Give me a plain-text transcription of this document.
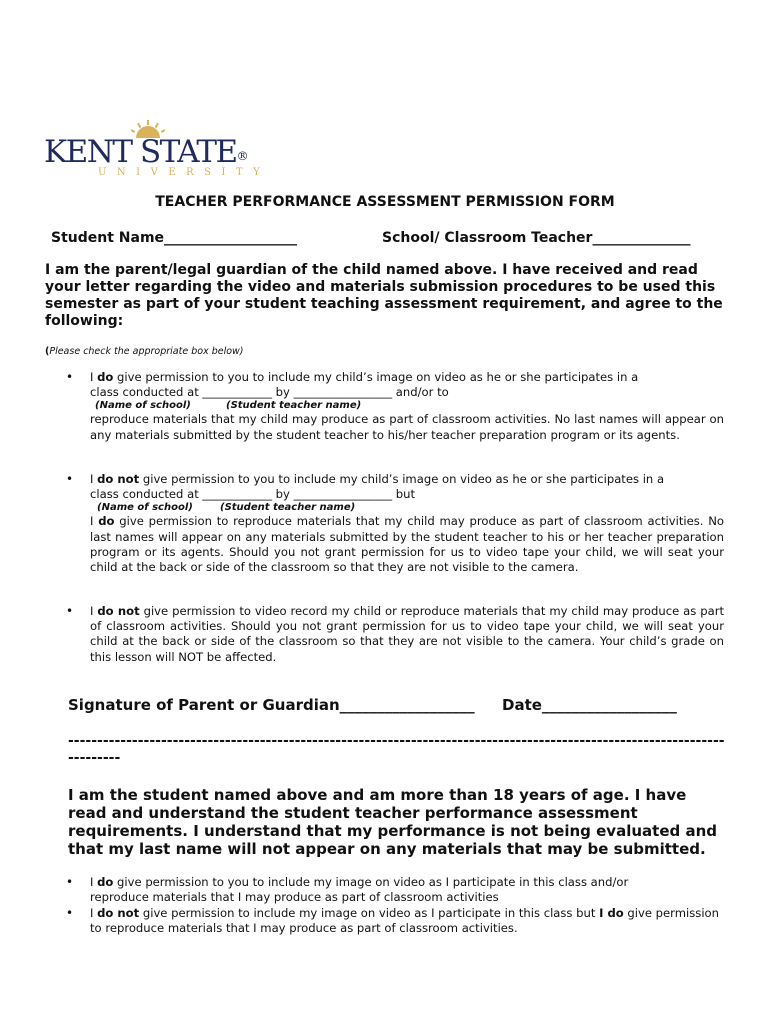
KENT STATE®
UNIVERSITY
TEACHER PERFORMANCE ASSESSMENT PERMISSION FORM
Student Name___________________	School/ Classroom Teacher______________
I am the parent/legal guardian of the child named above. I have received and read your letter regarding the video and materials submission procedures to be used this semester as part of your student teaching assessment requirement, and agree to the following:
(Please check the appropriate box below)
• I do give permission to you to include my child’s image on video as he or she participates in a
class conducted at ____________ by _________________ and/or to
(Name of school)	(Student teacher name)
reproduce materials that my child may produce as part of classroom activities. No last names will appear on any materials submitted by the student teacher to his/her teacher preparation program or its agents.
• I do not give permission to you to include my child’s image on video as he or she participates in a
class conducted at ____________ by _________________ but
(Name of school)	(Student teacher name)
I do give permission to reproduce materials that my child may produce as part of classroom activities. No last names will appear on any materials submitted by the student teacher to his or her teacher preparation program or its agents. Should you not grant permission for us to video tape your child, we will seat your child at the back or side of the classroom so that they are not visible to the camera.
• I do not give permission to video record my child or reproduce materials that my child may produce as part of classroom activities. Should you not grant permission for us to video tape your child, we will seat your child at the back or side of the classroom so that they are not visible to the camera. Your child’s grade on this lesson will NOT be affected.
Signature of Parent or Guardian__________________ Date__________________
--------------------------------------------------------------------------------------------------------------------------
I am the student named above and am more than 18 years of age. I have read and understand the student teacher performance assessment requirements. I understand that my performance is not being evaluated and that my last name will not appear on any materials that may be submitted.
• I do give permission to you to include my image on video as I participate in this class and/or reproduce materials that I may produce as part of classroom activities
• I do not give permission to include my image on video as I participate in this class but I do give permission
to reproduce materials that I may produce as part of classroom activities.
